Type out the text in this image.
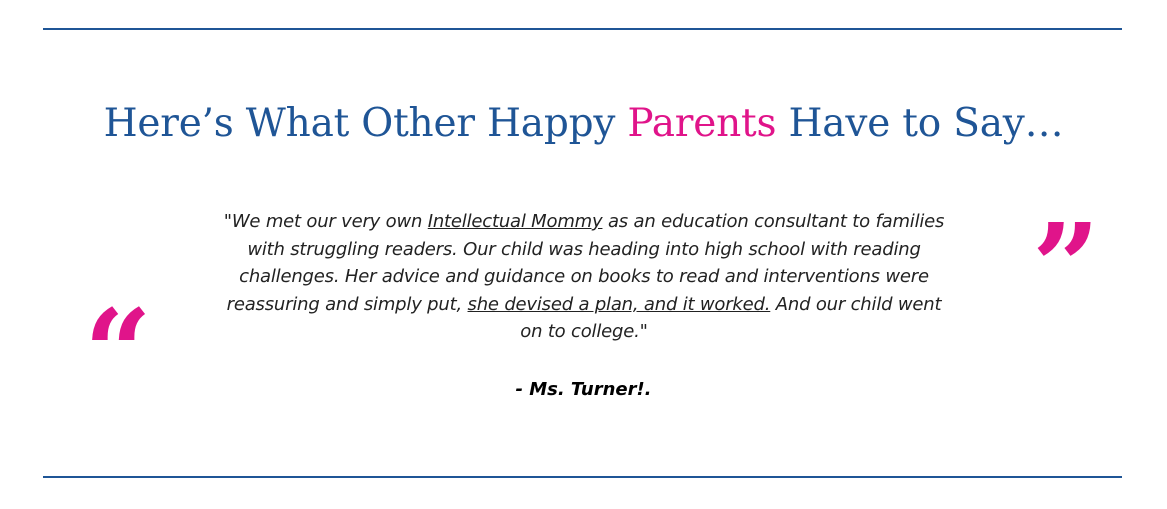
Here’s What Other Happy Parents Have to Say…
“
”

"We met our very own Intellectual Mommy as an education consultant to families with struggling readers. Our child was heading into high school with reading challenges. Her advice and guidance on books to read and interventions were reassuring and simply put, she devised a plan, and it worked. And our child went on to college."

- Ms. Turner!.
